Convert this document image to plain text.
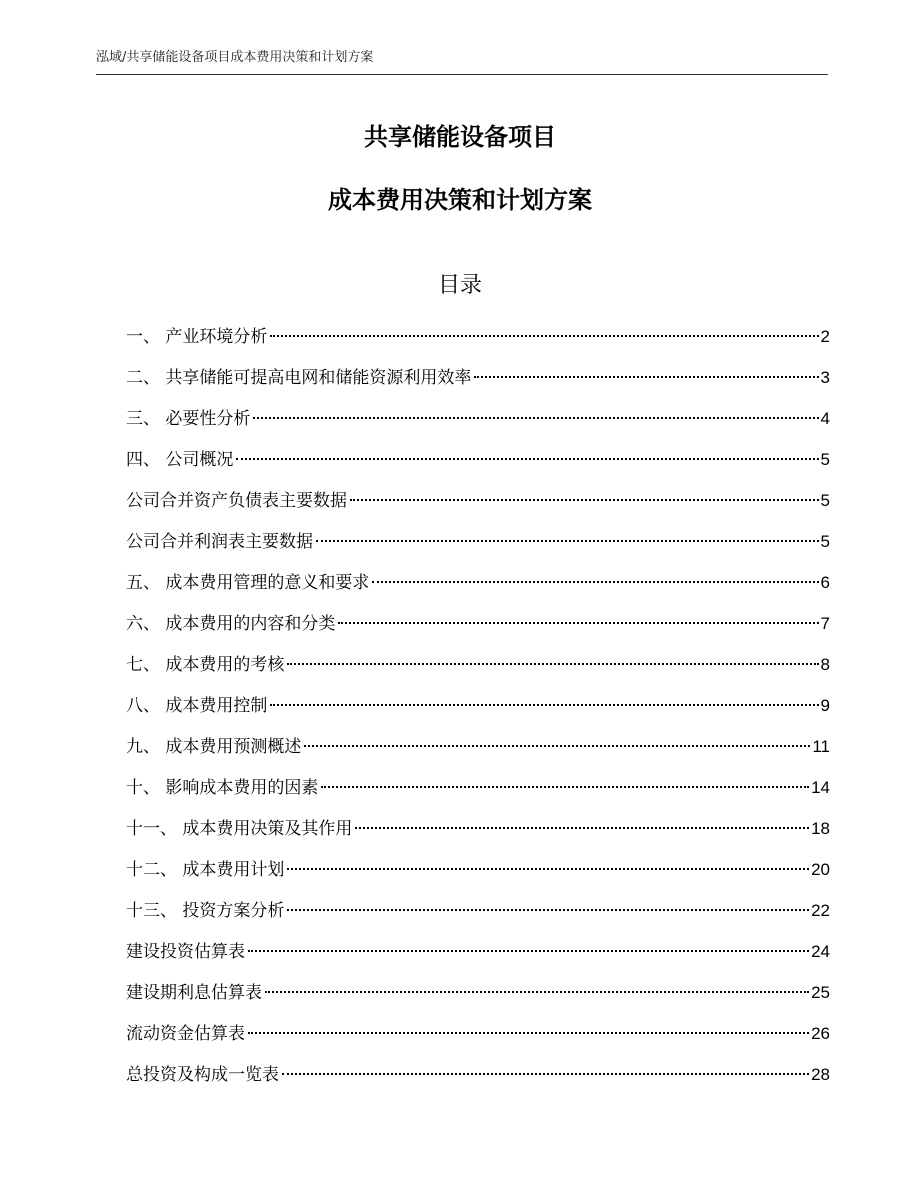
泓域/共享储能设备项目成本费用决策和计划方案
共享储能设备项目
成本费用决策和计划方案
目录
一、 产业环境分析	2
二、 共享储能可提高电网和储能资源利用效率	3
三、 必要性分析	4
四、 公司概况	5
公司合并资产负债表主要数据	5
公司合并利润表主要数据	5
五、 成本费用管理的意义和要求	6
六、 成本费用的内容和分类	7
七、 成本费用的考核	8
八、 成本费用控制	9
九、 成本费用预测概述	11
十、 影响成本费用的因素	14
十一、 成本费用决策及其作用	18
十二、 成本费用计划	20
十三、 投资方案分析	22
建设投资估算表	24
建设期利息估算表	25
流动资金估算表	26
总投资及构成一览表	28
